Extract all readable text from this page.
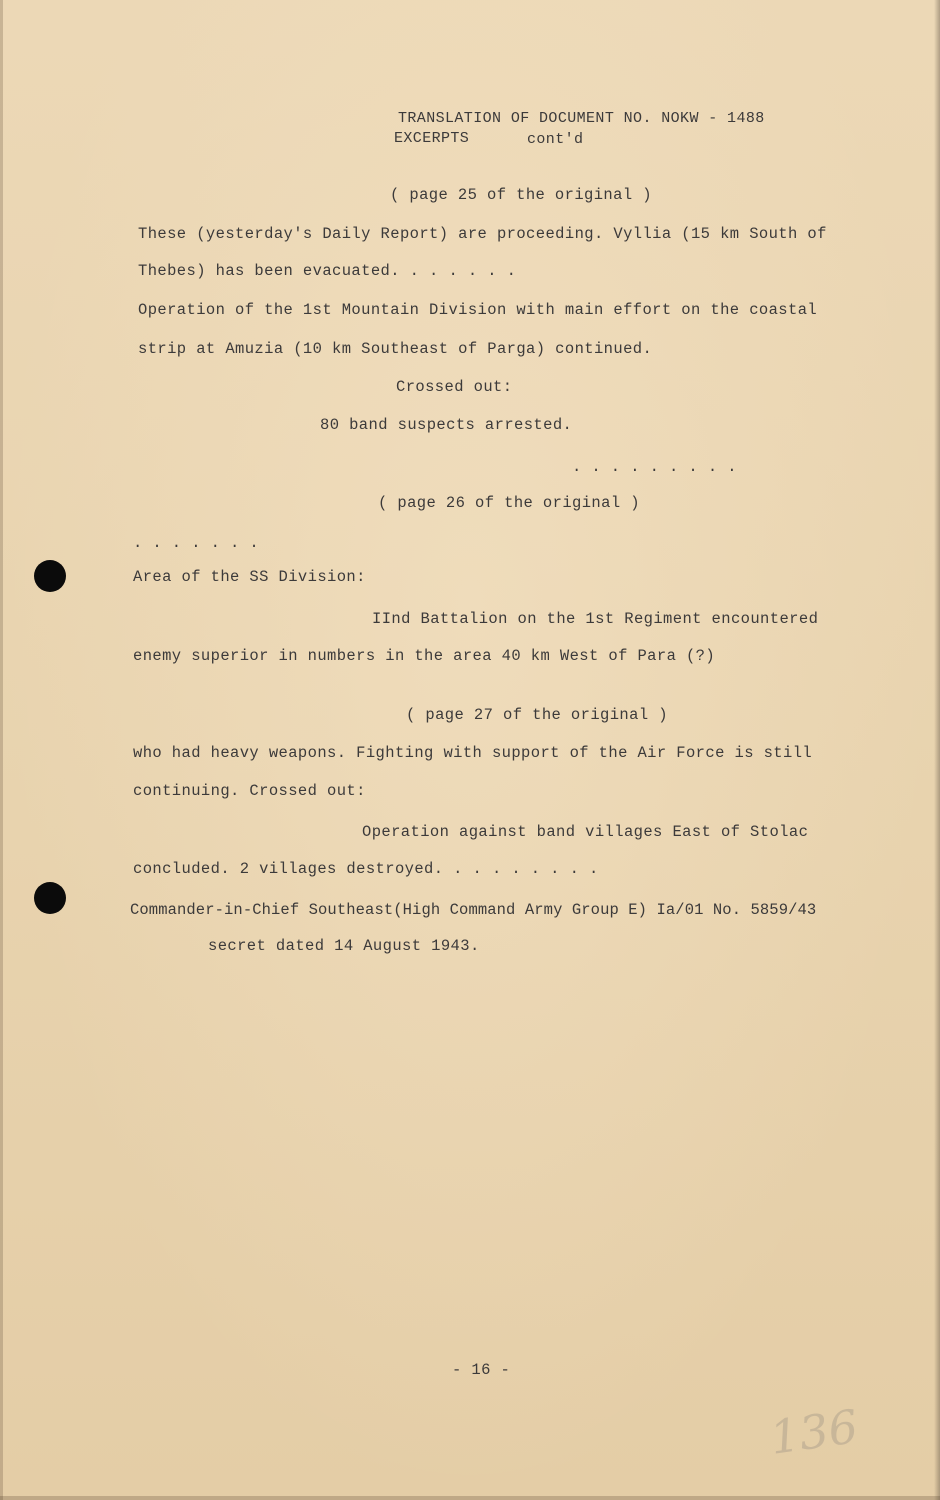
TRANSLATION OF DOCUMENT NO. NOKW - 1488
EXCERPTS	cont'd
( page 25 of the original )
These (yesterday's Daily Report) are proceeding. Vyllia (15 km South of
Thebes) has been evacuated. . . . . . .
Operation of the 1st Mountain Division with main effort on the coastal
strip at Amuzia (10 km Southeast of Parga) continued.
Crossed out:
80 band suspects arrested.
. . . . . . . . .
( page 26 of the original )
. . . . . . .
Area of the SS Division:
IInd Battalion on the 1st Regiment encountered
enemy superior in numbers in the area 40 km West of Para (?)
( page 27 of the original )
who had heavy weapons. Fighting with support of the Air Force is still
continuing. Crossed out:
Operation against band villages East of Stolac
concluded. 2 villages destroyed. . . . . . . . .
Commander-in-Chief Southeast(High Command Army Group E) Ia/01 No. 5859/43
secret dated 14 August 1943.
- 16 -
136
